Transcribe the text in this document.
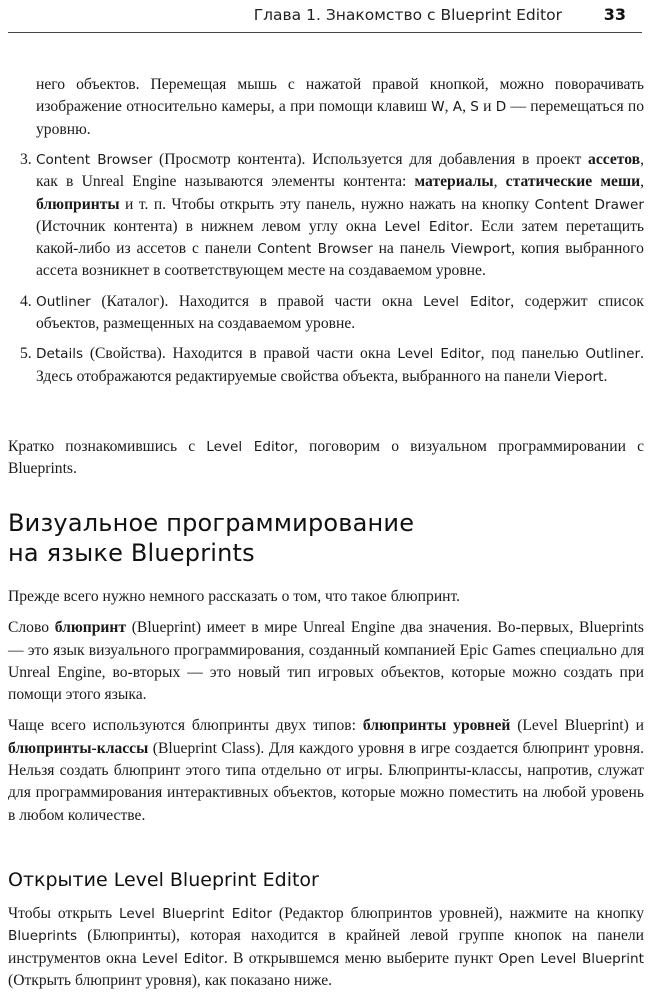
Глава 1. Знакомство с Blueprint Editor	33

него объектов. Перемещая мышь с нажатой правой кнопкой, можно поворачивать изображение относительно камеры, а при помощи клавиш W, A, S и D — перемещаться по уровню.

3. Content Browser (Просмотр контента). Используется для добавления в проект ассетов, как в Unreal Engine называются элементы контента: материалы, статические меши, блюпринты и т. п. Чтобы открыть эту панель, нужно нажать на кнопку Content Drawer (Источник контента) в нижнем левом углу окна Level Editor. Если затем перетащить какой-либо из ассетов с панели Content Browser на панель Viewport, копия выбранного ассета возникнет в соответствующем месте на создаваемом уровне.
4. Outliner (Каталог). Находится в правой части окна Level Editor, содержит список объектов, размещенных на создаваемом уровне.
5. Details (Свойства). Находится в правой части окна Level Editor, под панелью Outliner. Здесь отображаются редактируемые свойства объекта, выбранного на панели Vieport.

Кратко познакомившись с Level Editor, поговорим о визуальном программировании с Blueprints.

Визуальное программирование
на языке Blueprints

Прежде всего нужно немного рассказать о том, что такое блюпринт.

Слово блюпринт (Blueprint) имеет в мире Unreal Engine два значения. Во-первых, Blueprints — это язык визуального программирования, созданный компанией Epic Games специально для Unreal Engine, во-вторых — это новый тип игровых объектов, которые можно создать при помощи этого языка.

Чаще всего используются блюпринты двух типов: блюпринты уровней (Level Blueprint) и блюпринты-классы (Blueprint Class). Для каждого уровня в игре создается блюпринт уровня. Нельзя создать блюпринт этого типа отдельно от игры. Блюпринты-классы, напротив, служат для программирования интерактивных объектов, которые можно поместить на любой уровень в любом количестве.

Открытие Level Blueprint Editor

Чтобы открыть Level Blueprint Editor (Редактор блюпринтов уровней), нажмите на кнопку Blueprints (Блюпринты), которая находится в крайней левой группе кнопок на панели инструментов окна Level Editor. В открывшемся меню выберите пункт Open Level Blueprint (Открыть блюпринт уровня), как показано ниже.
